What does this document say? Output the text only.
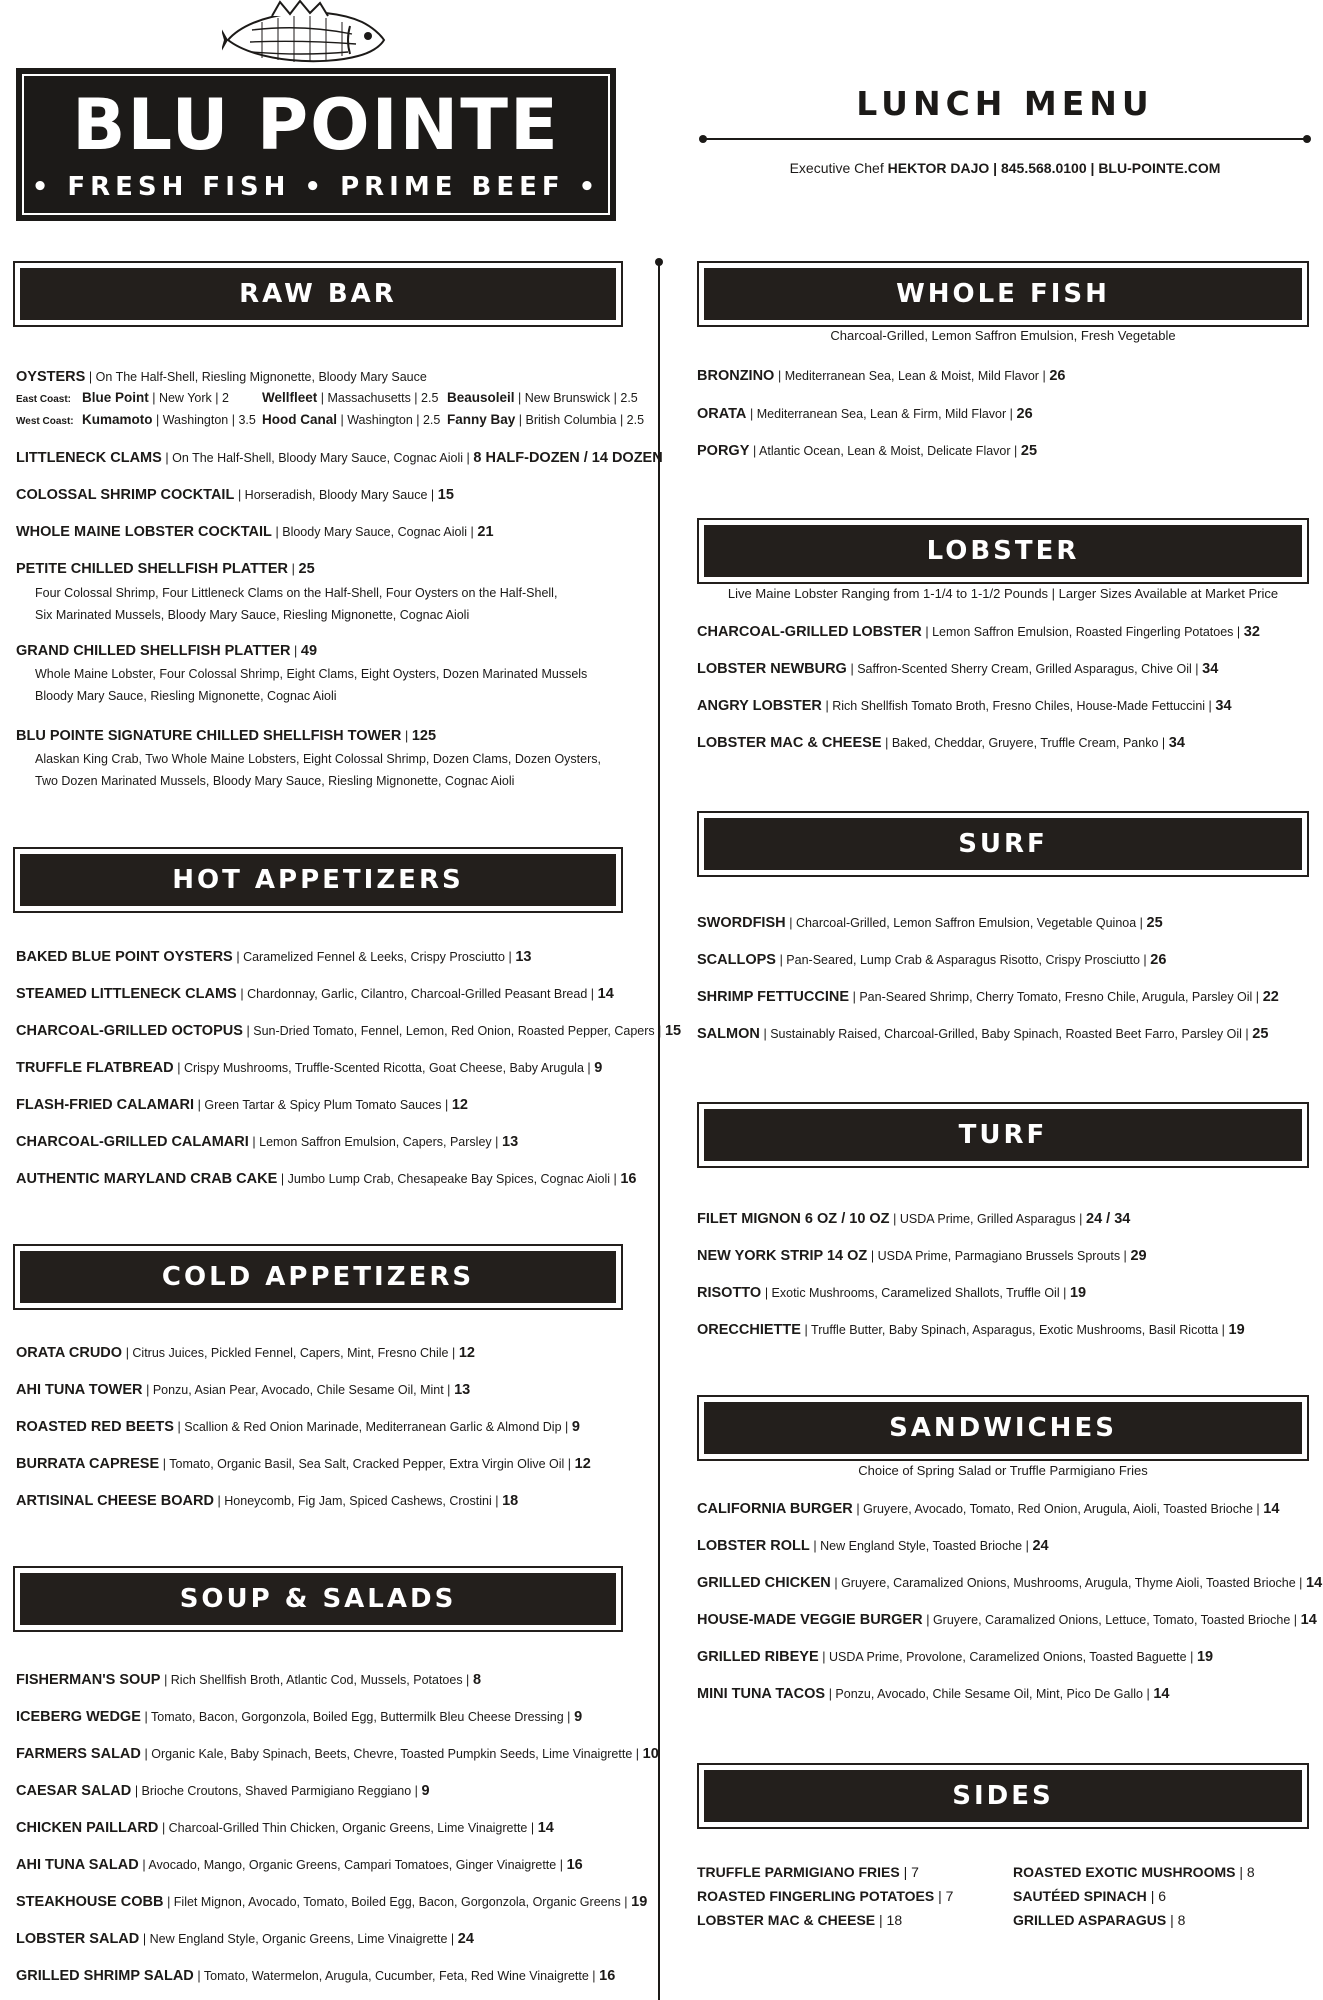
BLU POINTE
• FRESH FISH • PRIME BEEF •
LUNCH MENU
Executive Chef HEKTOR DAJO | 845.568.0100 | BLU-POINTE.COM
RAW BAR
OYSTERS | On The Half-Shell, Riesling Mignonette, Bloody Mary Sauce
East Coast: Blue Point | New York | 2 Wellfleet | Massachusetts | 2.5 Beausoleil | New Brunswick | 2.5
West Coast: Kumamoto | Washington | 3.5 Hood Canal | Washington | 2.5 Fanny Bay | British Columbia | 2.5
LITTLENECK CLAMS | On The Half-Shell, Bloody Mary Sauce, Cognac Aioli | 8 HALF-DOZEN / 14 DOZEN
COLOSSAL SHRIMP COCKTAIL | Horseradish, Bloody Mary Sauce | 15
WHOLE MAINE LOBSTER COCKTAIL | Bloody Mary Sauce, Cognac Aioli | 21
PETITE CHILLED SHELLFISH PLATTER | 25
Four Colossal Shrimp, Four Littleneck Clams on the Half-Shell, Four Oysters on the Half-Shell,
Six Marinated Mussels, Bloody Mary Sauce, Riesling Mignonette, Cognac Aioli
GRAND CHILLED SHELLFISH PLATTER | 49
Whole Maine Lobster, Four Colossal Shrimp, Eight Clams, Eight Oysters, Dozen Marinated Mussels
Bloody Mary Sauce, Riesling Mignonette, Cognac Aioli
BLU POINTE SIGNATURE CHILLED SHELLFISH TOWER | 125
Alaskan King Crab, Two Whole Maine Lobsters, Eight Colossal Shrimp, Dozen Clams, Dozen Oysters,
Two Dozen Marinated Mussels, Bloody Mary Sauce, Riesling Mignonette, Cognac Aioli
HOT APPETIZERS
BAKED BLUE POINT OYSTERS | Caramelized Fennel & Leeks, Crispy Prosciutto | 13
STEAMED LITTLENECK CLAMS | Chardonnay, Garlic, Cilantro, Charcoal-Grilled Peasant Bread | 14
CHARCOAL-GRILLED OCTOPUS | Sun-Dried Tomato, Fennel, Lemon, Red Onion, Roasted Pepper, Capers | 15
TRUFFLE FLATBREAD | Crispy Mushrooms, Truffle-Scented Ricotta, Goat Cheese, Baby Arugula | 9
FLASH-FRIED CALAMARI | Green Tartar & Spicy Plum Tomato Sauces | 12
CHARCOAL-GRILLED CALAMARI | Lemon Saffron Emulsion, Capers, Parsley | 13
AUTHENTIC MARYLAND CRAB CAKE | Jumbo Lump Crab, Chesapeake Bay Spices, Cognac Aioli | 16
COLD APPETIZERS
ORATA CRUDO | Citrus Juices, Pickled Fennel, Capers, Mint, Fresno Chile | 12
AHI TUNA TOWER | Ponzu, Asian Pear, Avocado, Chile Sesame Oil, Mint | 13
ROASTED RED BEETS | Scallion & Red Onion Marinade, Mediterranean Garlic & Almond Dip | 9
BURRATA CAPRESE | Tomato, Organic Basil, Sea Salt, Cracked Pepper, Extra Virgin Olive Oil | 12
ARTISINAL CHEESE BOARD | Honeycomb, Fig Jam, Spiced Cashews, Crostini | 18
SOUP & SALADS
FISHERMAN'S SOUP | Rich Shellfish Broth, Atlantic Cod, Mussels, Potatoes | 8
ICEBERG WEDGE | Tomato, Bacon, Gorgonzola, Boiled Egg, Buttermilk Bleu Cheese Dressing | 9
FARMERS SALAD | Organic Kale, Baby Spinach, Beets, Chevre, Toasted Pumpkin Seeds, Lime Vinaigrette | 10
CAESAR SALAD | Brioche Croutons, Shaved Parmigiano Reggiano | 9
CHICKEN PAILLARD | Charcoal-Grilled Thin Chicken, Organic Greens, Lime Vinaigrette | 14
AHI TUNA SALAD | Avocado, Mango, Organic Greens, Campari Tomatoes, Ginger Vinaigrette | 16
STEAKHOUSE COBB | Filet Mignon, Avocado, Tomato, Boiled Egg, Bacon, Gorgonzola, Organic Greens | 19
LOBSTER SALAD | New England Style, Organic Greens, Lime Vinaigrette | 24
GRILLED SHRIMP SALAD | Tomato, Watermelon, Arugula, Cucumber, Feta, Red Wine Vinaigrette | 16
WHOLE FISH
Charcoal-Grilled, Lemon Saffron Emulsion, Fresh Vegetable
BRONZINO | Mediterranean Sea, Lean & Moist, Mild Flavor | 26
ORATA | Mediterranean Sea, Lean & Firm, Mild Flavor | 26
PORGY | Atlantic Ocean, Lean & Moist, Delicate Flavor | 25
LOBSTER
Live Maine Lobster Ranging from 1-1/4 to 1-1/2 Pounds | Larger Sizes Available at Market Price
CHARCOAL-GRILLED LOBSTER | Lemon Saffron Emulsion, Roasted Fingerling Potatoes | 32
LOBSTER NEWBURG | Saffron-Scented Sherry Cream, Grilled Asparagus, Chive Oil | 34
ANGRY LOBSTER | Rich Shellfish Tomato Broth, Fresno Chiles, House-Made Fettuccini | 34
LOBSTER MAC & CHEESE | Baked, Cheddar, Gruyere, Truffle Cream, Panko | 34
SURF
SWORDFISH | Charcoal-Grilled, Lemon Saffron Emulsion, Vegetable Quinoa | 25
SCALLOPS | Pan-Seared, Lump Crab & Asparagus Risotto, Crispy Prosciutto | 26
SHRIMP FETTUCCINE | Pan-Seared Shrimp, Cherry Tomato, Fresno Chile, Arugula, Parsley Oil | 22
SALMON | Sustainably Raised, Charcoal-Grilled, Baby Spinach, Roasted Beet Farro, Parsley Oil | 25
TURF
FILET MIGNON 6 OZ / 10 OZ | USDA Prime, Grilled Asparagus | 24 / 34
NEW YORK STRIP 14 OZ | USDA Prime, Parmagiano Brussels Sprouts | 29
RISOTTO | Exotic Mushrooms, Caramelized Shallots, Truffle Oil | 19
ORECCHIETTE | Truffle Butter, Baby Spinach, Asparagus, Exotic Mushrooms, Basil Ricotta | 19
SANDWICHES
Choice of Spring Salad or Truffle Parmigiano Fries
CALIFORNIA BURGER | Gruyere, Avocado, Tomato, Red Onion, Arugula, Aioli, Toasted Brioche | 14
LOBSTER ROLL | New England Style, Toasted Brioche | 24
GRILLED CHICKEN | Gruyere, Caramalized Onions, Mushrooms, Arugula, Thyme Aioli, Toasted Brioche | 14
HOUSE-MADE VEGGIE BURGER | Gruyere, Caramalized Onions, Lettuce, Tomato, Toasted Brioche | 14
GRILLED RIBEYE | USDA Prime, Provolone, Caramelized Onions, Toasted Baguette | 19
MINI TUNA TACOS | Ponzu, Avocado, Chile Sesame Oil, Mint, Pico De Gallo | 14
SIDES
TRUFFLE PARMIGIANO FRIES | 7
ROASTED FINGERLING POTATOES | 7
LOBSTER MAC & CHEESE | 18
ROASTED EXOTIC MUSHROOMS | 8
SAUTÉED SPINACH | 6
GRILLED ASPARAGUS | 8
